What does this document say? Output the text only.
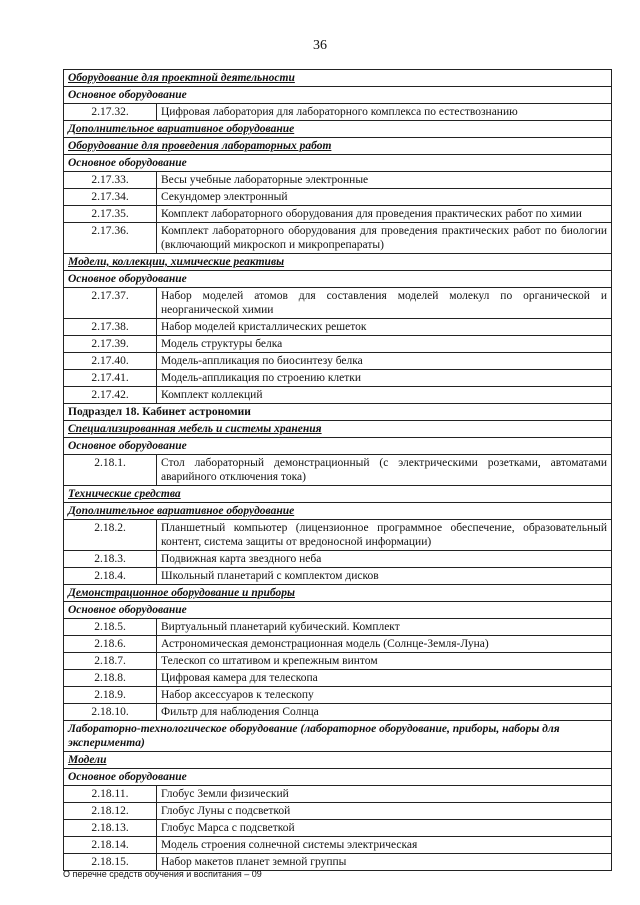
36
Оборудование для проектной деятельности	
Основное оборудование	
2.17.32.	Цифровая лаборатория для лабораторного комплекса по естествознанию
Дополнительное вариативное оборудование	
Оборудование для проведения лабораторных работ	
Основное оборудование	
2.17.33.	Весы учебные лабораторные электронные
2.17.34.	Секундомер электронный
2.17.35.	Комплект лабораторного оборудования для проведения практических работ по химии
2.17.36.	Комплект лабораторного оборудования для проведения практических работ по биологии (включающий микроскоп и микропрепараты)
Модели, коллекции, химические реактивы	
Основное оборудование	
2.17.37.	Набор моделей атомов для составления моделей молекул по органической и неорганической химии
2.17.38.	Набор моделей кристаллических решеток
2.17.39.	Модель структуры белка
2.17.40.	Модель-аппликация по биосинтезу белка
2.17.41.	Модель-аппликация по строению клетки
2.17.42.	Комплект коллекций
Подраздел 18. Кабинет астрономии	
Специализированная мебель и системы хранения	
Основное оборудование	
2.18.1.	Стол лабораторный демонстрационный (с электрическими розетками, автоматами аварийного отключения тока)
Технические средства	
Дополнительное вариативное оборудование	
2.18.2.	Планшетный компьютер (лицензионное программное обеспечение, образовательный контент, система защиты от вредоносной информации)
2.18.3.	Подвижная карта звездного неба
2.18.4.	Школьный планетарий с комплектом дисков
Демонстрационное оборудование и приборы	
Основное оборудование	
2.18.5.	Виртуальный планетарий кубический. Комплект
2.18.6.	Астрономическая демонстрационная модель (Солнце-Земля-Луна)
2.18.7.	Телескоп со штативом и крепежным винтом
2.18.8.	Цифровая камера для телескопа
2.18.9.	Набор аксессуаров к телескопу
2.18.10.	Фильтр для наблюдения Солнца
Лабораторно-технологическое оборудование (лабораторное оборудование, приборы, наборы для эксперимента)	
Модели	
Основное оборудование	
2.18.11.	Глобус Земли физический
2.18.12.	Глобус Луны с подсветкой
2.18.13.	Глобус Марса с подсветкой
2.18.14.	Модель строения солнечной системы электрическая
2.18.15.	Набор макетов планет земной группы
О перечне средств обучения и воспитания – 09
